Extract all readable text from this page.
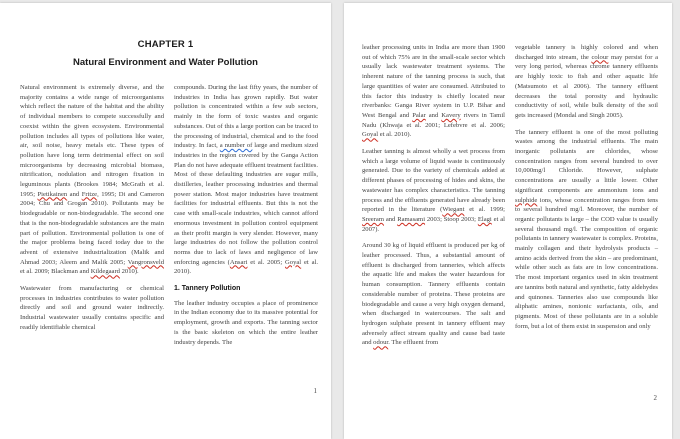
CHAPTER 1
Natural Environment and Water Pollution

Natural environment is extremely diverse, and the majority contains a wide range of microorganisms which reflect the nature of the habitat and the ability of individual members to compete successfully and coexist within the given ecosystem. Environmental pollution includes all types of pollutions like water, air, soil noise, heavy metals etc. These types of pollution have long term detrimental effect on soil microorganisms by decreasing microbial biomass, nitrification, nodulation and nitrogen fixation in leguminous plants (Brookes 1984; McGrath et al. 1995; Pietikainen and Fritze, 1995; Di and Cameron 2004; Chu and Grogan 2010). Pollutants may be biodegradable or non-biodegradable. The second one that is the non-biodegradable substances are the main part of pollution. Environmental pollution is one of the major problems being faced today due to the advent of extensive industrialization (Malik and Ahmad 2003; Aleem and Malik 2005; Vangronsveld et al. 2009; Blackman and Kildegaard 2010).

Wastewater from manufacturing or chemical processes in industries contributes to water pollution directly and soil and ground water indirectly. Industrial wastewater usually contains specific and readily identifiable chemical

compounds. During the last fifty years, the number of industries in India has grown rapidly. But water pollution is concentrated within a few sub sectors, mainly in the form of toxic wastes and organic substances. Out of this a large portion can be traced to the processing of industrial, chemical and to the food industry. In fact, a number of large and medium sized industries in the region covered by the Ganga Action Plan do not have adequate effluent treatment facilities. Most of these defaulting industries are sugar mills, distilleries, leather processing industries and thermal power station. Most major industries have treatment facilities for industrial effluents. But this is not the case with small-scale industries, which cannot afford enormous investment in pollution control equipment as their profit margin is very slender. However, many large industries do not follow the pollution control norms due to lack of laws and negligence of law enforcing agencies (Ansari et al. 2005; Goyal et al. 2010).

1. Tannery Pollution

The leather industry occupies a place of prominence in the Indian economy due to its massive potential for employment, growth and exports. The tanning sector is the basic skeleton on which the entire leather industry depends. The

1

leather processing units in India are more than 1900 out of which 75% are in the small-scale sector which usually lack wastewater treatment systems. The inherent nature of the tanning process is such, that large quantities of water are consumed. Attributed to this factor this industry is chiefly located near riverbanks: Ganga River system in U.P. Bihar and West Bengal and Palar and Kavery rivers in Tamil Nadu (Khwaja et al. 2001; Lefebvre et al. 2006; Goyal et al. 2010).

Leather tanning is almost wholly a wet process from which a large volume of liquid waste is continuously generated. Due to the variety of chemicals added at different phases of processing of hides and skins, the wastewater has complex characteristics. The tanning process and the effluents generated have already been reported in the literature (Wiegant et al. 1999; Sreeram and Ramasami 2003; Stoop 2003; Elagi et al 2007).

Around 30 kg of liquid effluent is produced per kg of leather processed. Thus, a substantial amount of effluent is discharged from tanneries, which affects the aquatic life and makes the water hazardous for human consumption. Tannery effluents contain considerable number of proteins. These proteins are biodegradable and cause a very high oxygen demand, when discharged in watercourses. The salt and hydrogen sulphate present in tannery effluent may adversely affect stream quality and cause bad taste and odour. The effluent from

vegetable tannery is highly colored and when discharged into stream, the colour may persist for a very long period, whereas chrome tannery effluents are highly toxic to fish and other aquatic life (Matsumoto et al 2006). The tannery effluent decreases the total porosity and hydraulic conductivity of soil, while bulk density of the soil gets increased (Mondal and Singh 2005).

The tannery effluent is one of the most polluting wastes among the industrial effluents. The main inorganic pollutants are chlorides, whose concentration ranges from several hundred to over 10,000mg/l Chloride. However, sulphate concentrations are usually a little lower. Other significant components are ammonium ions and sulphide ions, whose concentration ranges from tens to several hundred mg/l. Moreover, the number of organic pollutants is large – the COD value is usually several thousand mg/l. The composition of organic pollutants in tannery wastewater is complex. Proteins, mainly collagen and their hydrolysis products – amino acids derived from the skin – are predominant, while other such as fats are in low concentrations. The most important organics used in skin treatment are tannins both natural and synthetic, fatty aldehydes and quinones. Tanneries also use compounds like aliphatic amines, nonionic surfactants, oils, and pigments. Most of these pollutants are in a soluble form, but a lot of them exist in suspension and only

2
